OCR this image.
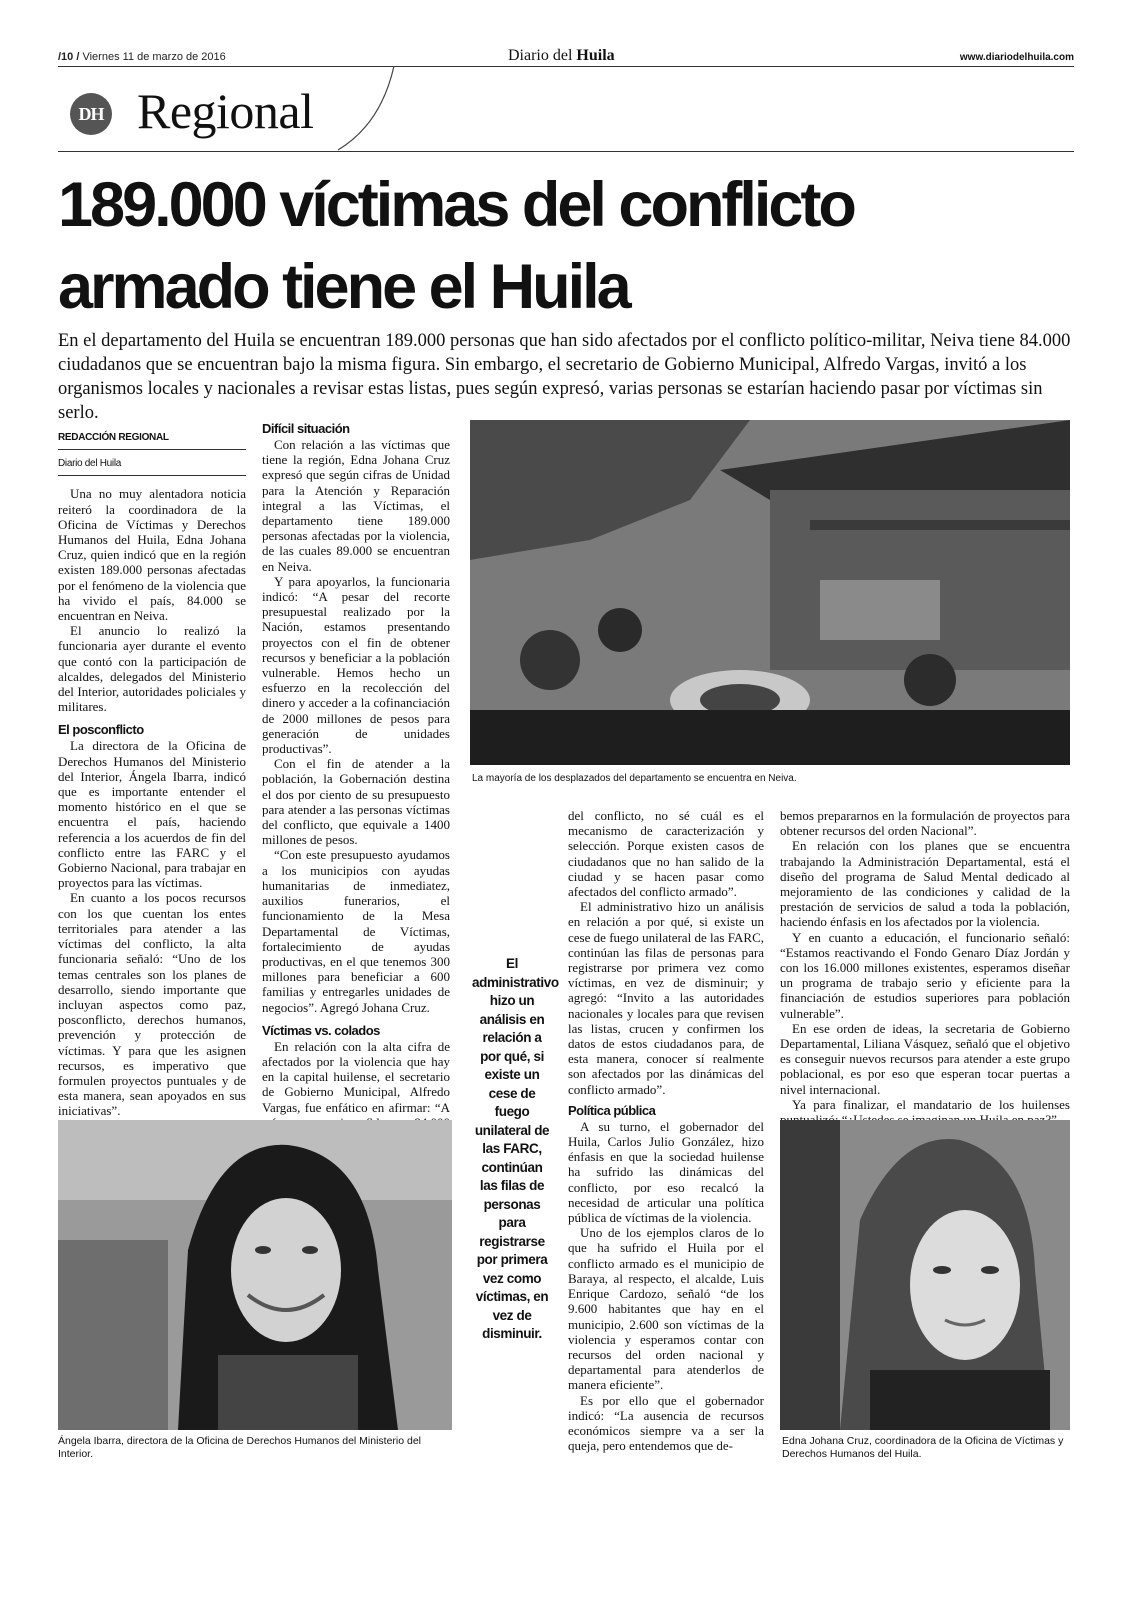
/10 / Viernes 11 de marzo de 2016	Diario del Huila	www.diariodelhuila.com
DH Regional
189.000 víctimas del conflicto
armado tiene el Huila
En el departamento del Huila se encuentran 189.000 personas que han sido afectados por el conflicto político-militar, Neiva tiene 84.000 ciudadanos que se encuentran bajo la misma figura. Sin embargo, el secretario de Gobierno Municipal, Alfredo Vargas, invitó a los organismos locales y nacionales a revisar estas listas, pues según expresó, varias personas se estarían haciendo pasar por víctimas sin serlo.
REDACCIÓN REGIONAL
Diario del Huila

Una no muy alentadora noticia reiteró la coordinadora de la Oficina de Víctimas y Derechos Humanos del Huila, Edna Johana Cruz, quien indicó que en la región existen 189.000 personas afectadas por el fenómeno de la violencia que ha vivido el país, 84.000 se encuentran en Neiva.

El anuncio lo realizó la funcionaria ayer durante el evento que contó con la participación de alcaldes, delegados del Ministerio del Interior, autoridades policiales y militares.

El posconflicto

La directora de la Oficina de Derechos Humanos del Ministerio del Interior, Ángela Ibarra, indicó que es importante entender el momento histórico en el que se encuentra el país, haciendo referencia a los acuerdos de fin del conflicto entre las FARC y el Gobierno Nacional, para trabajar en proyectos para las víctimas.

En cuanto a los pocos recursos con los que cuentan los entes territoriales para atender a las víctimas del conflicto, la alta funcionaria señaló: “Uno de los temas centrales son los planes de desarrollo, siendo importante que incluyan aspectos como paz, posconflicto, derechos humanos, prevención y protección de víctimas. Y para que les asignen recursos, es imperativo que formulen proyectos puntuales y de esta manera, sean apoyados en sus iniciativas”.

Difícil situación

Con relación a las víctimas que tiene la región, Edna Johana Cruz expresó que según cifras de Unidad para la Atención y Reparación integral a las Víctimas, el departamento tiene 189.000 personas afectadas por la violencia, de las cuales 89.000 se encuentran en Neiva.

Y para apoyarlos, la funcionaria indicó: “A pesar del recorte presupuestal realizado por la Nación, estamos presentando proyectos con el fin de obtener recursos y beneficiar a la población vulnerable. Hemos hecho un esfuerzo en la recolección del dinero y acceder a la cofinanciación de 2000 millones de pesos para generación de unidades productivas”.

Con el fin de atender a la población, la Gobernación destina el dos por ciento de su presupuesto para atender a las personas víctimas del conflicto, que equivale a 1400 millones de pesos.

“Con este presupuesto ayudamos a los municipios con ayudas humanitarias de inmediatez, auxilios funerarios, el funcionamiento de la Mesa Departamental de Víctimas, fortalecimiento de ayudas productivas, en el que tenemos 300 millones para beneficiar a 600 familias y entregarles unidades de negocios”. Agregó Johana Cruz.

Víctimas vs. colados

En relación con la alta cifra de afectados por la violencia que hay en la capital huilense, el secretario de Gobierno Municipal, Alfredo Vargas, fue enfático en afirmar: “A

La mayoría de los desplazados del departamento se encuentra en Neiva.
El administrativo hizo un análisis en relación a por qué, si existe un cese de fuego unilateral de las FARC, continúan las filas de personas para registrarse por primera vez como víctimas, en vez de disminuir.

del conflicto, no sé cuál es el mecanismo de caracterización y selección. Porque existen casos de ciudadanos que no han salido de la ciudad y se hacen pasar como afectados del conflicto armado”.

El administrativo hizo un análisis en relación a por qué, si existe un cese de fuego unilateral de las FARC, continúan las filas de personas para registrarse por primera vez como víctimas, en vez de disminuir; y agregó: “Invito a las autoridades nacionales y locales para que revisen las listas, crucen y confirmen los datos de estos ciudadanos para, de esta manera, conocer sí realmente son afectados por las dinámicas del conflicto armado”.

Política pública

A su turno, el gobernador del Huila, Carlos Julio González, hizo énfasis en que la sociedad huilense ha sufrido las dinámicas del conflicto, por eso recalcó la necesidad de articular una política pública de víctimas de la violencia.

Uno de los ejemplos claros de lo que ha sufrido el Huila por el conflicto armado es el municipio de Baraya, al respecto, el alcalde, Luis Enrique Cardozo, señaló “de los 9.600 habitantes que hay en el municipio, 2.600 son víctimas de la violencia y esperamos contar con recursos del orden nacional y departamental para atenderlos de manera eficiente”.

Es por ello que el gobernador indicó: “La ausencia de recursos económicos siempre va a ser la queja, pero entendemos que de-

bemos prepararnos en la formulación de proyectos para obtener recursos del orden Nacional”.

En relación con los planes que se encuentra trabajando la Administración Departamental, está el diseño del programa de Salud Mental dedicado al mejoramiento de las condiciones y calidad de la prestación de servicios de salud a toda la población, haciendo énfasis en los afectados por la violencia.

Y en cuanto a educación, el funcionario señaló: “Estamos reactivando el Fondo Genaro Díaz Jordán y con los 16.000 millones existentes, esperamos diseñar un programa de trabajo serio y eficiente para la financiación de estudios superiores para población vulnerable”.

En ese orden de ideas, la secretaria de Gobierno Departamental, Liliana Vásquez, señaló que el objetivo es conseguir nuevos recursos para atender a este grupo poblacional, es por eso que esperan tocar puertas a nivel internacional.

Ya para finalizar, el mandatario de los huilenses

Ángela Ibarra, directora de la Oficina de Derechos Humanos del Ministerio del Interior.
Edna Johana Cruz, coordinadora de la Oficina de Víctimas y Derechos Humanos del Huila.
